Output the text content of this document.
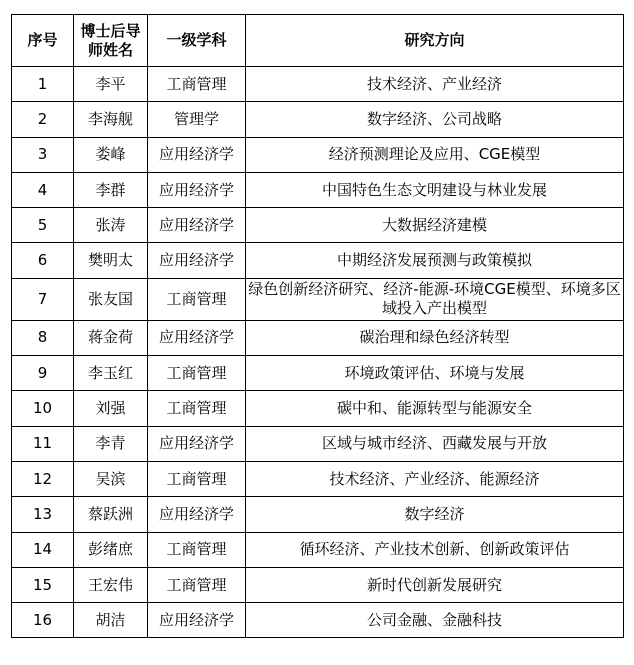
序号	博士后导师姓名	一级学科	研究方向
1	李平	工商管理	技术经济、产业经济
2	李海舰	管理学	数字经济、公司战略
3	娄峰	应用经济学	经济预测理论及应用、CGE模型
4	李群	应用经济学	中国特色生态文明建设与林业发展
5	张涛	应用经济学	大数据经济建模
6	樊明太	应用经济学	中期经济发展预测与政策模拟
7	张友国	工商管理	绿色创新经济研究、经济-能源-环境CGE模型、环境多区域投入产出模型
8	蒋金荷	应用经济学	碳治理和绿色经济转型
9	李玉红	工商管理	环境政策评估、环境与发展
10	刘强	工商管理	碳中和、能源转型与能源安全
11	李青	应用经济学	区域与城市经济、西藏发展与开放
12	吴滨	工商管理	技术经济、产业经济、能源经济
13	蔡跃洲	应用经济学	数字经济
14	彭绪庶	工商管理	循环经济、产业技术创新、创新政策评估
15	王宏伟	工商管理	新时代创新发展研究
16	胡洁	应用经济学	公司金融、金融科技
